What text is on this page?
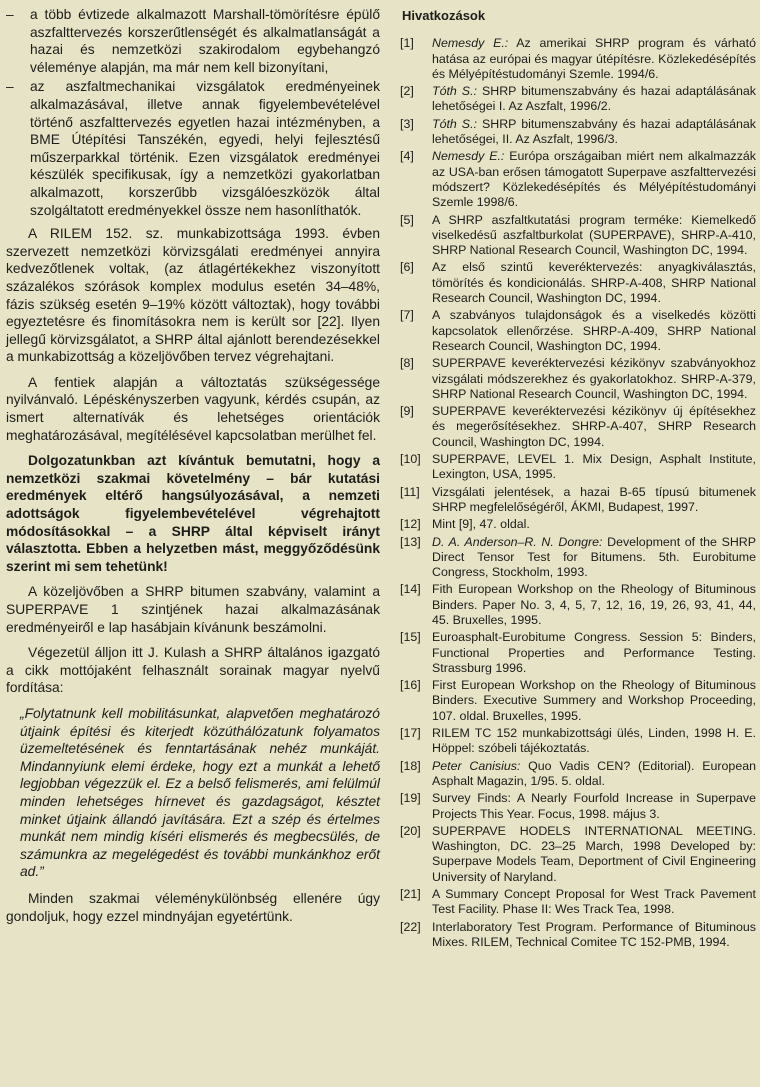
–	a több évtizede alkalmazott Marshall-tömörítésre épülő aszfalttervezés korszerűtlenségét és alkalmatlanságát a hazai és nemzetközi szakirodalom egybehangzó véleménye alapján, ma már nem kell bizonyítani,
–	az aszfaltmechanikai vizsgálatok eredményeinek alkalmazásával, illetve annak figyelembevételével történő aszfalttervezés egyetlen hazai intézményben, a BME Útépítési Tanszékén, egyedi, helyi fejlesztésű műszerparkkal történik. Ezen vizsgálatok eredményei készülék specifikusak, így a nemzetközi gyakorlatban alkalmazott, korszerűbb vizsgálóeszközök által szolgáltatott eredményekkel össze nem hasonlíthatók.

A RILEM 152. sz. munkabizottsága 1993. évben szervezett nemzetközi körvizsgálati eredményei annyira kedvezőtlenek voltak, (az átlagértékekhez viszonyított százalékos szórások komplex modulus esetén 34–48%, fázis szükség esetén 9–19% között változtak), hogy további egyeztetésre és finomításokra nem is került sor [22]. Ilyen jellegű körvizsgálatot, a SHRP által ajánlott berendezésekkel a munkabizottság a közeljövőben tervez végrehajtani.

A fentiek alapján a változtatás szükségessége nyilvánvaló. Lépéskényszerben vagyunk, kérdés csupán, az ismert alternatívák és lehetséges orientációk meghatározásával, megítélésével kapcsolatban merülhet fel.

Dolgozatunkban azt kívántuk bemutatni, hogy a nemzetközi szakmai követelmény – bár kutatási eredmények eltérő hangsúlyozásával, a nemzeti adottságok figyelembevételével végrehajtott módosításokkal – a SHRP által képviselt irányt választotta. Ebben a helyzetben mást, meggyőződésünk szerint mi sem tehetünk!

A közeljövőben a SHRP bitumen szabvány, valamint a SUPERPAVE 1 szintjének hazai alkalmazásának eredményeiről e lap hasábjain kívánunk beszámolni.

Végezetül álljon itt J. Kulash a SHRP általános igazgató a cikk mottójaként felhasznált sorainak magyar nyelvű fordítása:

„Folytatnunk kell mobilitásunkat, alapvetően meghatározó útjaink építési és kiterjedt közúthálózatunk folyamatos üzemeltetésének és fenntartásának nehéz munkáját. Mindannyiunk elemi érdeke, hogy ezt a munkát a lehető legjobban végezzük el. Ez a belső felismerés, ami felülmúl minden lehetséges hírnevet és gazdagságot, késztet minket útjaink állandó javítására. Ezt a szép és értelmes munkát nem mindig kíséri elismerés és megbecsülés, de számunkra az megelégedést és további munkánkhoz erőt ad.”

Minden szakmai véleménykülönbség ellenére úgy gondoljuk, hogy ezzel mindnyájan egyetértünk.

Hivatkozások
[1]	Nemesdy E.: Az amerikai SHRP program és várható hatása az európai és magyar útépítésre. Közlekedésépítés és Mélyépítéstudományi Szemle. 1994/6.
[2]	Tóth S.: SHRP bitumenszabvány és hazai adaptálásának lehetőségei I. Az Aszfalt, 1996/2.
[3]	Tóth S.: SHRP bitumenszabvány és hazai adaptálásának lehetőségei, II. Az Aszfalt, 1996/3.
[4]	Nemesdy E.: Európa országaiban miért nem alkalmazzák az USA-ban erősen támogatott Superpave aszfalttervezési módszert? Közlekedésépítés és Mélyépítéstudományi Szemle 1998/6.
[5]	A SHRP aszfaltkutatási program terméke: Kiemelkedő viselkedésű aszfaltburkolat (SUPERPAVE), SHRP-A-410, SHRP National Research Council, Washington DC, 1994.
[6]	Az első szintű keveréktervezés: anyagkiválasztás, tömörítés és kondicionálás. SHRP-A-408, SHRP National Research Council, Washington DC, 1994.
[7]	A szabványos tulajdonságok és a viselkedés közötti kapcsolatok ellenőrzése. SHRP-A-409, SHRP National Research Council, Washington DC, 1994.
[8]	SUPERPAVE keveréktervezési kézikönyv szabványokhoz vizsgálati módszerekhez és gyakorlatokhoz. SHRP-A-379, SHRP National Research Council, Washington DC, 1994.
[9]	SUPERPAVE keveréktervezési kézikönyv új építésekhez és megerősítésekhez. SHRP-A-407, SHRP Research Council, Washington DC, 1994.
[10] SUPERPAVE, LEVEL 1. Mix Design, Asphalt Institute, Lexington, USA, 1995.
[11] Vizsgálati jelentések, a hazai B-65 típusú bitumenek SHRP megfelelőségéről, ÁKMI, Budapest, 1997.
[12] Mint [9], 47. oldal.
[13] D. A. Anderson–R. N. Dongre: Development of the SHRP Direct Tensor Test for Bitumens. 5th. Eurobitume Congress, Stockholm, 1993.
[14] Fith European Workshop on the Rheology of Bituminous Binders. Paper No. 3, 4, 5, 7, 12, 16, 19, 26, 93, 41, 44, 45. Bruxelles, 1995.
[15] Euroasphalt-Eurobitume Congress. Session 5: Binders, Functional Properties and Performance Testing. Strassburg 1996.
[16] First European Workshop on the Rheology of Bituminous Binders. Executive Summery and Workshop Proceeding, 107. oldal. Bruxelles, 1995.
[17] RILEM TC 152 munkabizottsági ülés, Linden, 1998 H. E. Höppel: szóbeli tájékoztatás.
[18] Peter Canisius: Quo Vadis CEN? (Editorial). European Asphalt Magazin, 1/95. 5. oldal.
[19] Survey Finds: A Nearly Fourfold Increase in Superpave Projects This Year. Focus, 1998. május 3.
[20] SUPERPAVE HODELS INTERNATIONAL MEETING. Washington, DC. 23–25 March, 1998 Developed by: Superpave Models Team, Deportment of Civil Engineering University of Naryland.
[21] A Summary Concept Proposal for West Track Pavement Test Facility. Phase II: Wes Track Tea, 1998.
[22] Interlaboratory Test Program. Performance of Bituminous Mixes. RILEM, Technical Comitee TC 152-PMB, 1994.
